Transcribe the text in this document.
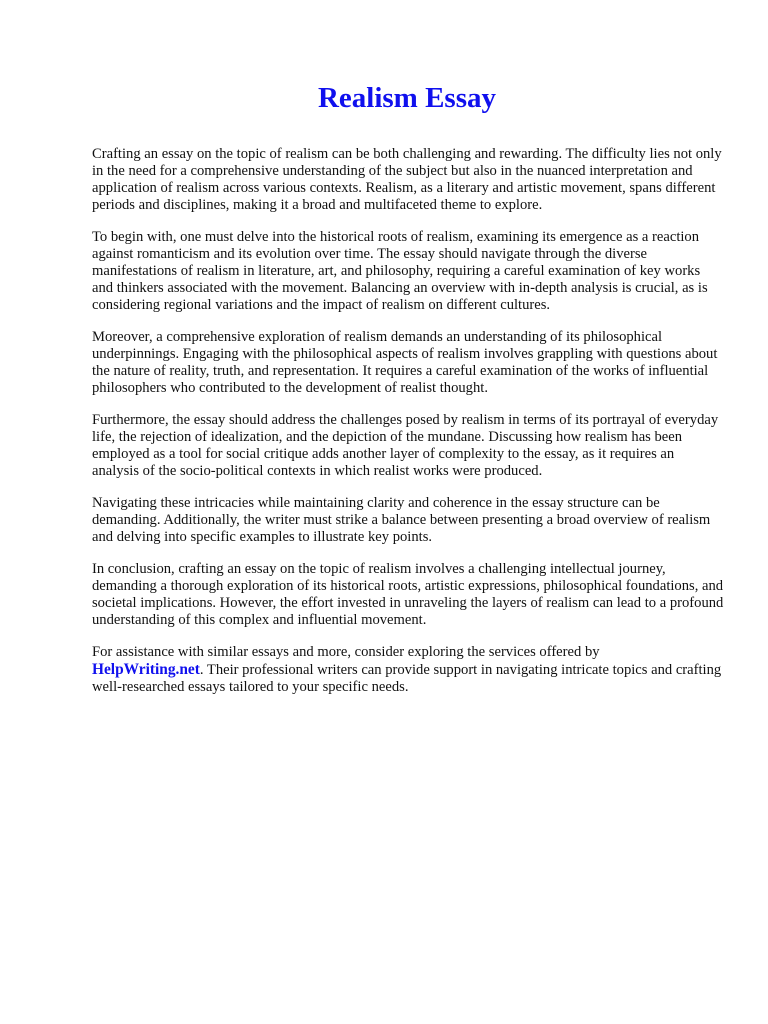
Realism Essay

Crafting an essay on the topic of realism can be both challenging and rewarding. The difficulty lies not only in the need for a comprehensive understanding of the subject but also in the nuanced interpretation and application of realism across various contexts. Realism, as a literary and artistic movement, spans different periods and disciplines, making it a broad and multifaceted theme to explore.

To begin with, one must delve into the historical roots of realism, examining its emergence as a reaction against romanticism and its evolution over time. The essay should navigate through the diverse manifestations of realism in literature, art, and philosophy, requiring a careful examination of key works and thinkers associated with the movement. Balancing an overview with in-depth analysis is crucial, as is considering regional variations and the impact of realism on different cultures.

Moreover, a comprehensive exploration of realism demands an understanding of its philosophical underpinnings. Engaging with the philosophical aspects of realism involves grappling with questions about the nature of reality, truth, and representation. It requires a careful examination of the works of influential philosophers who contributed to the development of realist thought.

Furthermore, the essay should address the challenges posed by realism in terms of its portrayal of everyday life, the rejection of idealization, and the depiction of the mundane. Discussing how realism has been employed as a tool for social critique adds another layer of complexity to the essay, as it requires an analysis of the socio-political contexts in which realist works were produced.

Navigating these intricacies while maintaining clarity and coherence in the essay structure can be demanding. Additionally, the writer must strike a balance between presenting a broad overview of realism and delving into specific examples to illustrate key points.

In conclusion, crafting an essay on the topic of realism involves a challenging intellectual journey, demanding a thorough exploration of its historical roots, artistic expressions, philosophical foundations, and societal implications. However, the effort invested in unraveling the layers of realism can lead to a profound understanding of this complex and influential movement.

For assistance with similar essays and more, consider exploring the services offered by
HelpWriting.net. Their professional writers can provide support in navigating intricate topics and crafting well-researched essays tailored to your specific needs.
